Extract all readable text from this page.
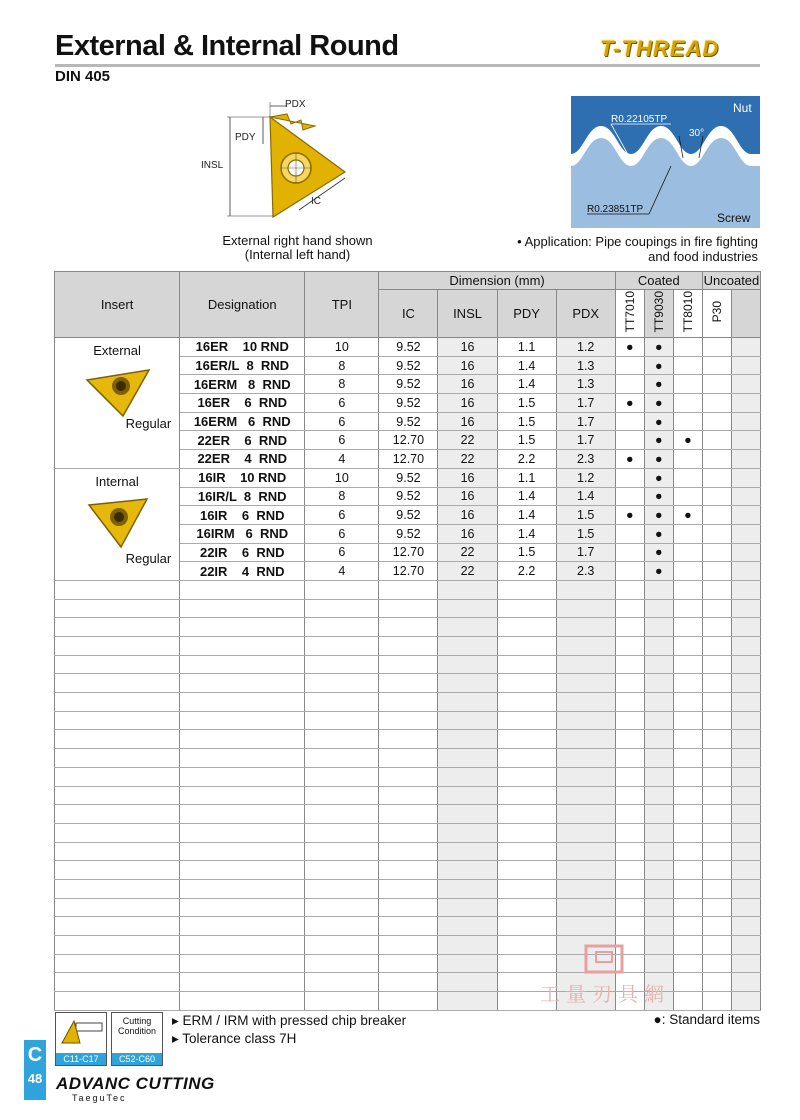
External & Internal Round
DIN 405
T-THREAD
INSL
PDY
PDX
IC
External right hand shown
(Internal left hand)
Nut
Screw
R0.22105TP
30°
R0.23851TP
• Application: Pipe coupings in fire fighting
and food industries
Insert	Designation	TPI	Dimension (mm)				Coated			Uncoated	
			IC	INSL	PDY	PDX	TT7010	TT9030	TT8010	P30	

External
Regular	16ER    10 RND	10	9.52	16	1.1	1.2	●	●			
	16ER/L  8  RND	8	9.52	16	1.4	1.3		●			
	16ERM   8  RND	8	9.52	16	1.4	1.3		●			
	16ER    6  RND	6	9.52	16	1.5	1.7	●	●			
	16ERM   6  RND	6	9.52	16	1.5	1.7		●			
	22ER    6  RND	6	12.70	22	1.5	1.7		●	●		
	22ER    4  RND	4	12.70	22	2.2	2.3	●	●			

Internal
Regular	16IR    10 RND	10	9.52	16	1.1	1.2		●			
	16IR/L  8  RND	8	9.52	16	1.4	1.4		●			
	16IR    6  RND	6	9.52	16	1.4	1.5	●	●	●		
	16IRM   6  RND	6	9.52	16	1.4	1.5		●			
	22IR    6  RND	6	12.70	22	1.5	1.7		●			
	22IR    4  RND	4	12.70	22	2.2	2.3		●			

C11-C17
Cutting
Condition
C52-C60
▸ ERM / IRM with pressed chip breaker
▸ Tolerance class 7H
●: Standard items
工量刃具網
C
48 ADVANC CUTTING
TaeguTec
